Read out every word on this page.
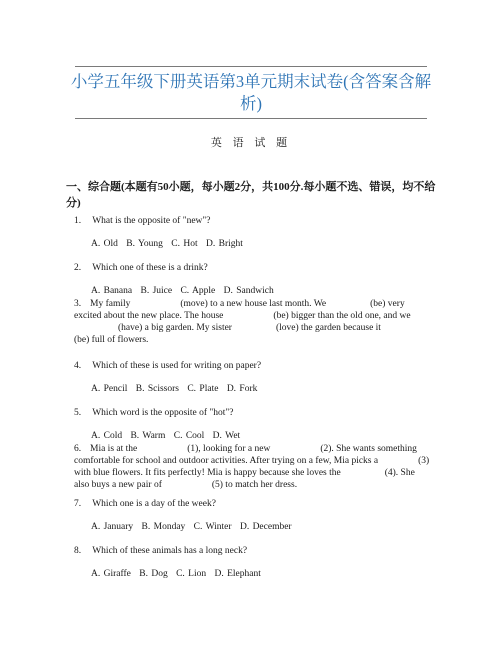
小学五年级下册英语第3单元期末试卷(含答案含解析)
英 语 试 题
一、综合题(本题有50小题，每小题2分，共100分.每小题不选、错误，均不给分)
1. What is the opposite of "new"?
A. Old B. Young C. Hot D. Bright
2. Which one of these is a drink?
A. Banana B. Juice C. Apple D. Sandwich
3. My family	(move) to a new house last month. We	(be) very excited about the new place. The house	(be) bigger than the old one, and we(have) a big garden. My sister	(love) the garden because it(be) full of flowers.
4. Which of these is used for writing on paper?
A. Pencil B. Scissors C. Plate D. Fork
5. Which word is the opposite of "hot"?
A. Cold B. Warm C. Cool D. Wet
6. Mia is at the	(1), looking for a new	(2). She wants something comfortable for school and outdoor activities. After trying on a few, Mia picks a	(3) with blue flowers. It fits perfectly! Mia is happy because she loves the	(4). She also buys a new pair of	(5) to match her dress.
7. Which one is a day of the week?
A. January B. Monday C. Winter D. December
8. Which of these animals has a long neck?
A. Giraffe B. Dog C. Lion D. Elephant
